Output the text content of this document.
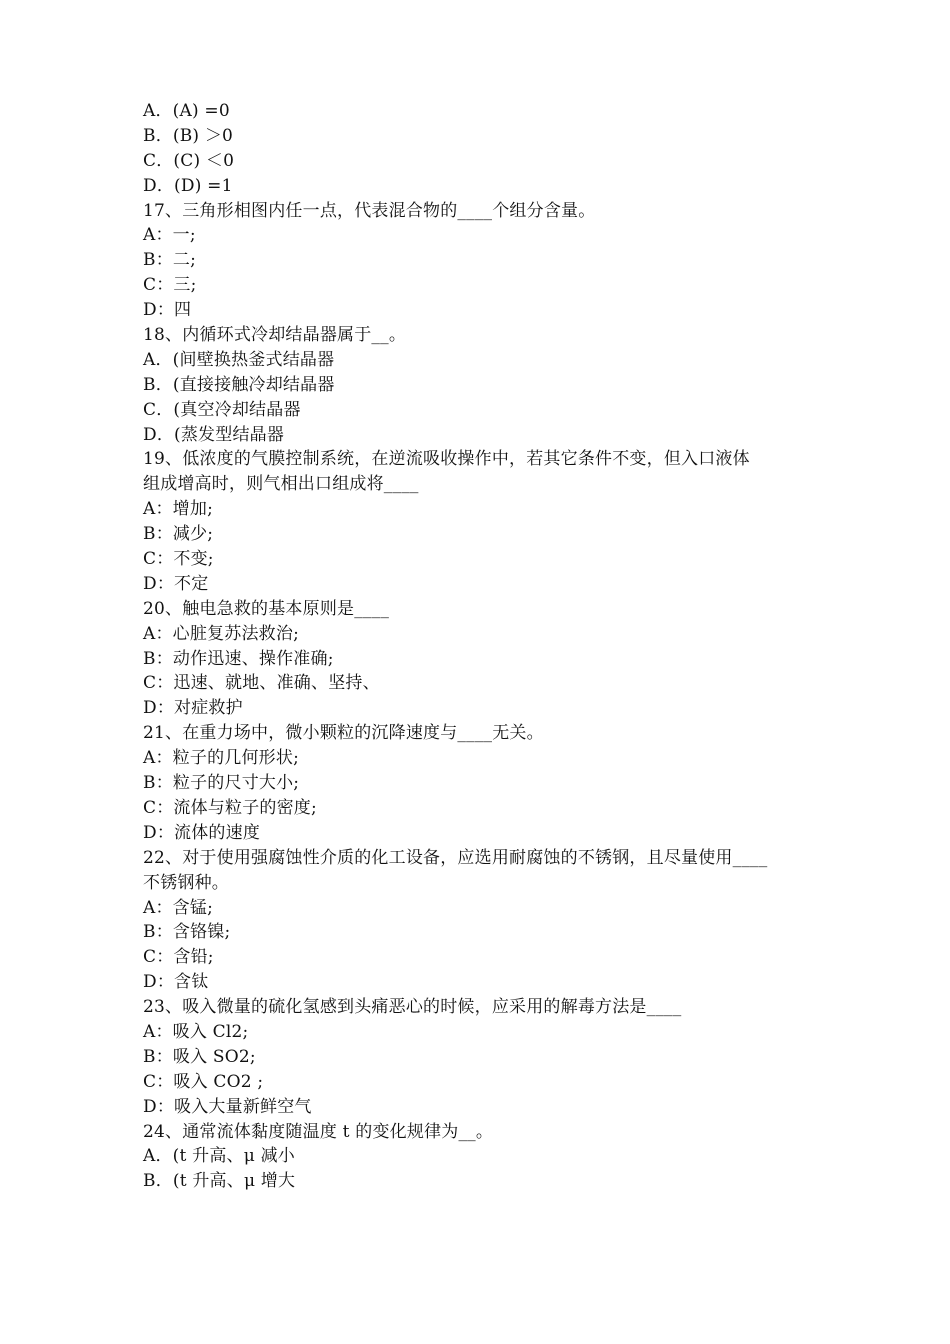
A．(A) =0
B．(B) ＞0
C．(C) ＜0
D．(D) =1
17、三角形相图内任一点，代表混合物的____个组分含量。
A：一;
B：二;
C：三;
D：四
18、内循环式冷却结晶器属于__。
A．(间壁换热釜式结晶器
B．(直接接触冷却结晶器
C．(真空冷却结晶器
D．(蒸发型结晶器
19、低浓度的气膜控制系统，在逆流吸收操作中，若其它条件不变，但入口液体
组成增高时，则气相出口组成将____
A：增加;
B：减少;
C：不变;
D：不定
20、触电急救的基本原则是____
A：心脏复苏法救治;
B：动作迅速、操作准确;
C：迅速、就地、准确、坚持、
D：对症救护
21、在重力场中，微小颗粒的沉降速度与____无关。
A：粒子的几何形状;
B：粒子的尺寸大小;
C：流体与粒子的密度;
D：流体的速度
22、对于使用强腐蚀性介质的化工设备，应选用耐腐蚀的不锈钢，且尽量使用____
不锈钢种。
A：含锰;
B：含铬镍;
C：含铅;
D：含钛
23、吸入微量的硫化氢感到头痛恶心的时候，应采用的解毒方法是____
A：吸入 Cl2;
B：吸入 SO2;
C：吸入 CO2 ;
D：吸入大量新鲜空气
24、通常流体黏度随温度 t 的变化规律为__。
A．(t 升高、μ 减小
B．(t 升高、μ 增大
